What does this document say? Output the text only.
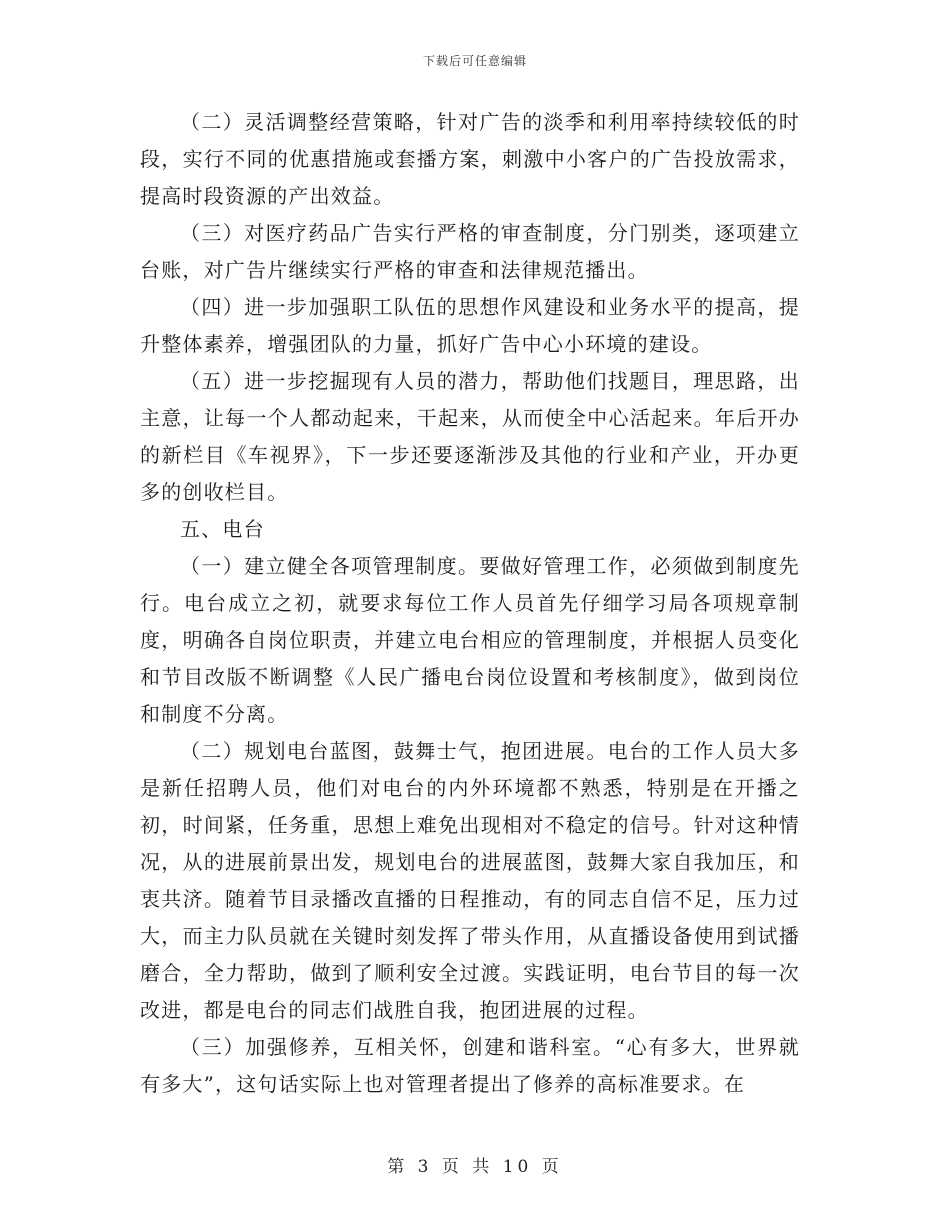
下载后可任意编辑

（二）灵活调整经营策略，针对广告的淡季和利用率持续较低的时段，实行不同的优惠措施或套播方案，刺激中小客户的广告投放需求，提高时段资源的产出效益。

（三）对医疗药品广告实行严格的审查制度，分门别类，逐项建立台账，对广告片继续实行严格的审查和法律规范播出。

（四）进一步加强职工队伍的思想作风建设和业务水平的提高，提升整体素养，增强团队的力量，抓好广告中心小环境的建设。

（五）进一步挖掘现有人员的潜力，帮助他们找题目，理思路，出主意，让每一个人都动起来，干起来，从而使全中心活起来。年后开办的新栏目《车视界》，下一步还要逐渐涉及其他的行业和产业，开办更多的创收栏目。

五、电台

（一）建立健全各项管理制度。要做好管理工作，必须做到制度先行。电台成立之初，就要求每位工作人员首先仔细学习局各项规章制度，明确各自岗位职责，并建立电台相应的管理制度，并根据人员变化和节目改版不断调整《人民广播电台岗位设置和考核制度》，做到岗位和制度不分离。

（二）规划电台蓝图，鼓舞士气，抱团进展。电台的工作人员大多是新任招聘人员，他们对电台的内外环境都不熟悉，特别是在开播之初，时间紧，任务重，思想上难免出现相对不稳定的信号。针对这种情况，从的进展前景出发，规划电台的进展蓝图，鼓舞大家自我加压，和衷共济。随着节目录播改直播的日程推动，有的同志自信不足，压力过大，而主力队员就在关键时刻发挥了带头作用，从直播设备使用到试播磨合，全力帮助，做到了顺利安全过渡。实践证明，电台节目的每一次改进，都是电台的同志们战胜自我，抱团进展的过程。

（三）加强修养，互相关怀，创建和谐科室。“心有多大，世界就有多大”，这句话实际上也对管理者提出了修养的高标准要求。在

第 3 页 共 10 页
